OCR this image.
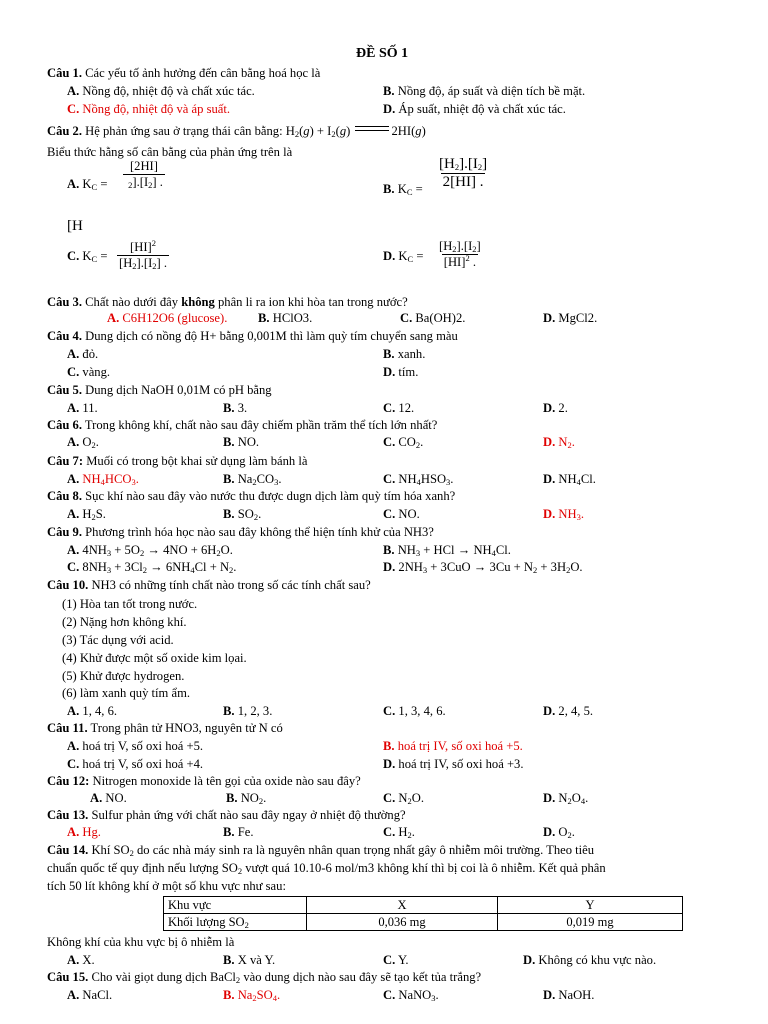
ĐỀ SỐ 1
Câu 1. Các yếu tố ảnh hưởng đến cân bằng hoá học là
A. Nồng độ, nhiệt độ và chất xúc tác.	B. Nồng độ, áp suất và diện tích bề mặt.
C. Nồng độ, nhiệt độ và áp suất.	D. Áp suất, nhiệt độ và chất xúc tác.
Câu 2. Hệ phản ứng sau ở trạng thái cân bằng: $H_2(g) + I_2(g)$	2HI(g)
Biểu thức hằng số cân bằng của phản ứng trên là
A. $K_C = \frac{[2HI]}{_2].[I_2] .}$
B. $K_C = \frac{[H_2].[I_2]}{2[HI] .}$
[H
C. $K_C = \frac{[HI]^2}{[H_2].[I_2] .}$	D. $K_C = \frac{[H_2].[I_2]}{[HI]^2 .}$
Câu 3. Chất nào dưới đây không phân li ra ion khi hòa tan trong nước?
A. C6H12O6 (glucose). B. HClO3.	C. Ba(OH)2.	D. MgCl2.
Câu 4. Dung dịch có nồng độ H+ bằng 0,001M thì làm quỳ tím chuyển sang màu
A. đỏ.	B. xanh.
C. vàng.	D. tím.
Câu 5. Dung dịch NaOH 0,01M có pH bằng
A. 11.	B. 3.	C. 12.	D. 2.
Câu 6. Trong không khí, chất nào sau đây chiếm phần trăm thể tích lớn nhất?
A. $O_2$.	B. NO.	C. $CO_2$.	D. $N_2$.
Câu 7: Muối có trong bột khai sử dụng làm bánh là
A. $NH_4HCO_3$.	B. $Na_2CO_3$.	C. $NH_4HSO_3$.	D. $NH_4Cl$.
Câu 8. Sục khí nào sau đây vào nước thu được dugn dịch làm quỳ tím hóa xanh?
A. $H_2S$.	B. $SO_2$.	C. NO.	D. $NH_3$.
Câu 9. Phương trình hóa học nào sau đây không thể hiện tính khử của NH3?
A. $4NH_3 + 5O_2 \to 4NO + 6H_2O$.	B. $NH_3$ + HCl → $NH_4Cl$.
C. $8NH_3 + 3Cl_2 \to 6NH_4Cl + N_2$.	D. $2NH_3 + 3CuO \to 3Cu + N_2 + 3H_2O$.
Câu 10. NH3 có những tính chất nào trong số các tính chất sau?
(1) Hòa tan tốt trong nước.
(2) Nặng hơn không khí.
(3) Tác dụng với acid.
(4) Khử được một số oxide kim lọai.
(5) Khử được hydrogen.
(6) làm xanh quỳ tím ẩm.
A. 1, 4, 6.	B. 1, 2, 3.	C. 1, 3, 4, 6.	D. 2, 4, 5.
Câu 11. Trong phân tử HNO3, nguyên tử N có
A. hoá trị V, số oxi hoá +5.	B. hoá trị IV, số oxi hoá +5.
C. hoá trị V, số oxi hoá +4.	D. hoá trị IV, số oxi hoá +3.
Câu 12: Nitrogen monoxide là tên gọi của oxide nào sau đây?
A. NO.	B. $NO_2$.	C. $N_2O$.	D. $N_2O_4$.
Câu 13. Sulfur phản ứng với chất nào sau đây ngay ở nhiệt độ thường?
A. Hg.	B. Fe.	C. $H_2$.	D. $O_2$.
Câu 14. Khí $SO_2$ do các nhà máy sinh ra là nguyên nhân quan trọng nhất gây ô nhiễm môi trường. Theo tiêu
chuẩn quốc tế quy định nếu lượng $SO_2$ vượt quá 10.10-6 mol/m3 không khí thì bị coi là ô nhiễm. Kết quả phân
tích 50 lít không khí ở một số khu vực như sau:
Khu vực	X	Y
Khối lượng $SO_2$	0,036 mg	0,019 mg
Không khí của khu vực bị ô nhiễm là
A. X.	B. X và Y.	C. Y.	D. Không có khu vực nào.
Câu 15. Cho vài giọt dung dịch BaCl$_2$ vào dung dịch nào sau đây sẽ tạo kết tủa trắng?
A. NaCl.	B. $Na_2SO_4$.	C. NaNO$_3$.	D. NaOH.
